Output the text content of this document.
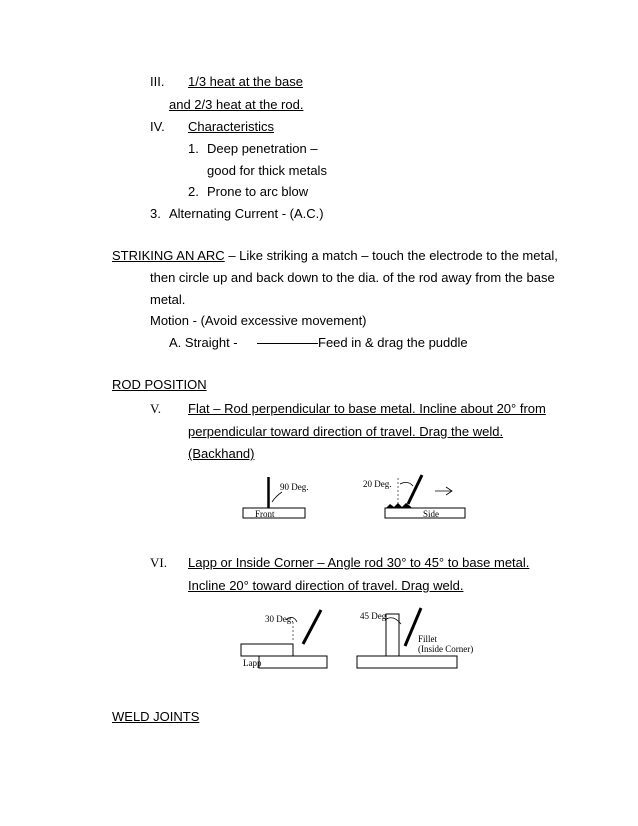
III. 1/3 heat at the base
and 2/3 heat at the rod.
IV. Characteristics
1. Deep penetration –
good for thick metals
2. Prone to arc blow
3. Alternating Current - (A.C.)
STRIKING AN ARC – Like striking a match – touch the electrode to the metal,
then circle up and back down to the dia. of the rod away from the base
metal.
Motion - (Avoid excessive movement)
A. Straight -	Feed in & drag the puddle
ROD POSITION
V. Flat – Rod perpendicular to base metal. Incline about 20° from
perpendicular toward direction of travel. Drag the weld.
(Backhand)
90 Deg.
Front
20 Deg.
Side
VI. Lapp or Inside Corner – Angle rod 30° to 45° to base metal.
Incline 20° toward direction of travel. Drag weld.
30 Deg.
Lapp
45 Deg.
Fillet
(Inside Corner)
WELD JOINTS
